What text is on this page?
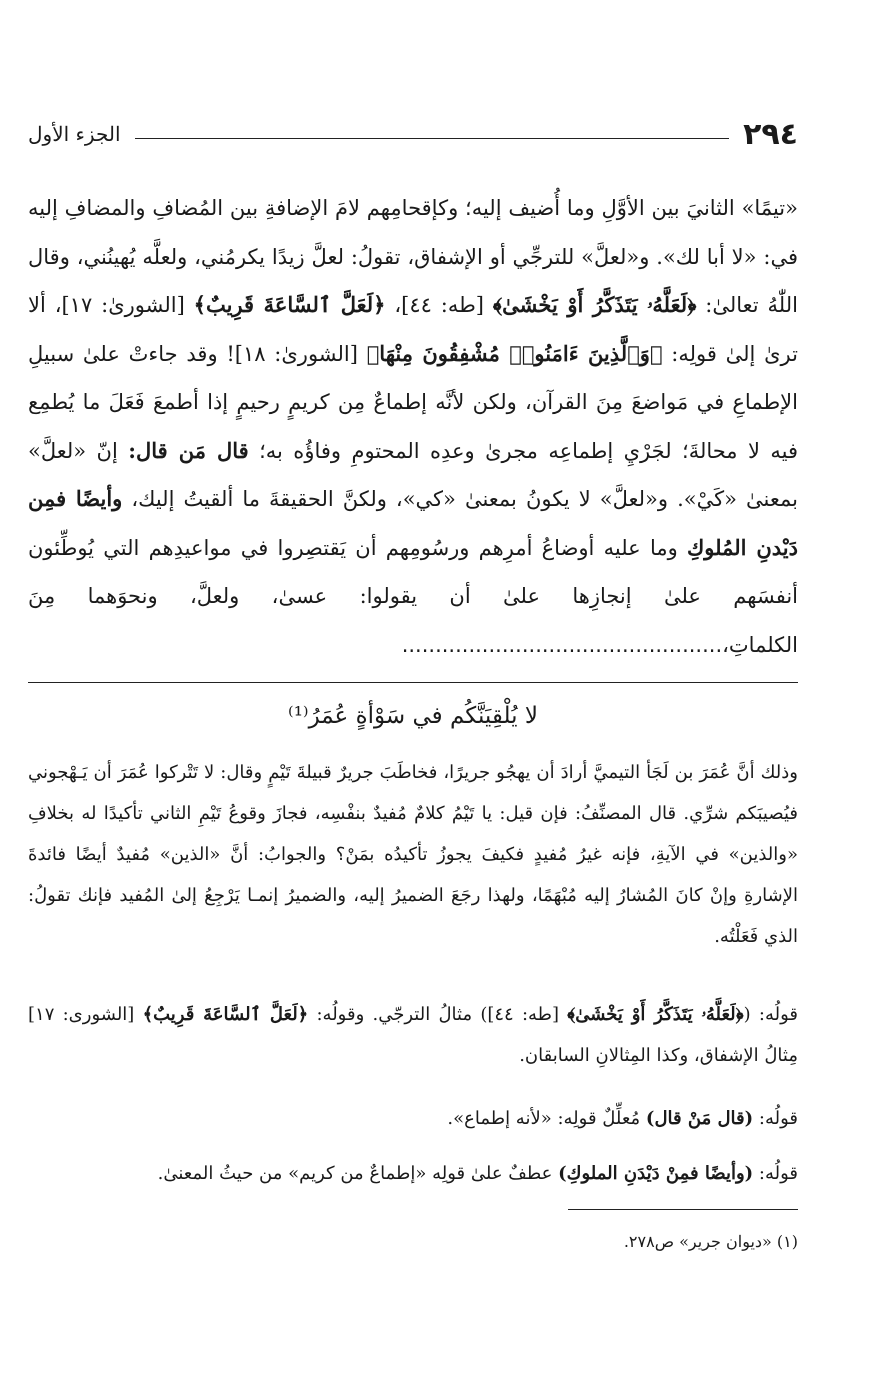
٢٩٤
الجزء الأول
«تيمًا» الثانيَ بين الأوَّلِ وما أُضيف إليه؛ وكإقحامِهم لامَ الإضافةِ بين المُضافِ والمضافِ إليه في: «لا أبا لك». و«لعلَّ» للترجِّي أو الإشفاق، تقولُ: لعلَّ زيدًا يكرمُني، ولعلَّه يُهينُني، وقال اللّٰهُ تعالىٰ: ﴿لَعَلَّهُۥ يَتَذَكَّرُ أَوْ يَخْشَىٰ﴾ [طه: ٤٤]، ﴿لَعَلَّ ٱلسَّاعَةَ قَرِيبٌ﴾ [الشورىٰ: ١٧]، ألا ترىٰ إلىٰ قولِه: ﴿وَٱلَّذِينَ ءَامَنُوا۟ مُشْفِقُونَ مِنْهَا﴾ [الشورىٰ: ١٨]! وقد جاءتْ علىٰ سبيلِ الإطماعِ في مَواضعَ مِنَ القرآن، ولكن لأنَّه إطماعٌ مِن كريمٍ رحيمٍ إذا أطمعَ فَعَلَ ما يُطمِع فيه لا محالةَ؛ لجَرْيِ إطماعِه مجرىٰ وعدِه المحتومِ وفاؤُه به؛ قال مَن قال: إنّ «لعلَّ» بمعنىٰ «كَيْ». و«لعلَّ» لا يكونُ بمعنىٰ «كي»، ولكنَّ الحقيقةَ ما ألقيتُ إليك، وأيضًا فمِن دَيْدنِ المُلوكِ وما عليه أوضاعُ أمرِهم ورسُومِهم أن يَقتصِروا في مواعيدِهم التي يُوطِّئون أنفسَهم علىٰ إنجازِها علىٰ أن يقولوا: عسىٰ، ولعلَّ، ونحوَهما مِنَ الكلماتِ،................................................
لا يُلْقِيَنَّكُم في سَوْأةٍ عُمَرُ⁽¹⁾
وذلك أنَّ عُمَرَ بن لَجَأ التيميَّ أرادَ أن يهجُو جريرًا، فخاطَبَ جريرٌ قبيلةَ تَيْمٍ وقال: لا تَتْركوا عُمَرَ أن يَـهْجوني فيُصيبَكم شرِّي. قال المصنِّفُ: فإن قيل: يا تَيْمُ كلامٌ مُفيدٌ بنفْسِه، فجازَ وقوعُ تَيْمِ الثاني تأكيدًا له بخلافِ «والذين» في الآيةِ، فإنه غيرُ مُفيدٍ فكيفَ يجوزُ تأكيدُه بمَنْ؟ والجوابُ: أنَّ «الذين» مُفيدٌ أيضًا فائدةَ الإشارةِ وإنْ كانَ المُشارُ إليه مُبْهَمًا، ولهذا رجَعَ الضميرُ إليه، والضميرُ إنمـا يَرْجِعُ إلىٰ المُفيد فإنك تقولُ: الذي فَعَلْتُه.
قولُه: (﴿لَعَلَّهُۥ يَتَذَكَّرُ أَوْ يَخْشَىٰ﴾ [طه: ٤٤]) مثالُ الترجّي. وقولُه: ﴿لَعَلَّ ٱلسَّاعَةَ قَرِيبٌ﴾ [الشورى: ١٧] مِثالُ الإشفاق، وكذا المِثالانِ السابقان.
قولُه: (قال مَنْ قال) مُعلِّلٌ قولِه: «لأنه إطماع».
قولُه: (وأيضًا فمِنْ دَيْدَنِ الملوكِ) عطفٌ علىٰ قولِه «إطماعٌ من كريم» من حيثُ المعنىٰ.
(١) «ديوان جرير» ص٢٧٨.
